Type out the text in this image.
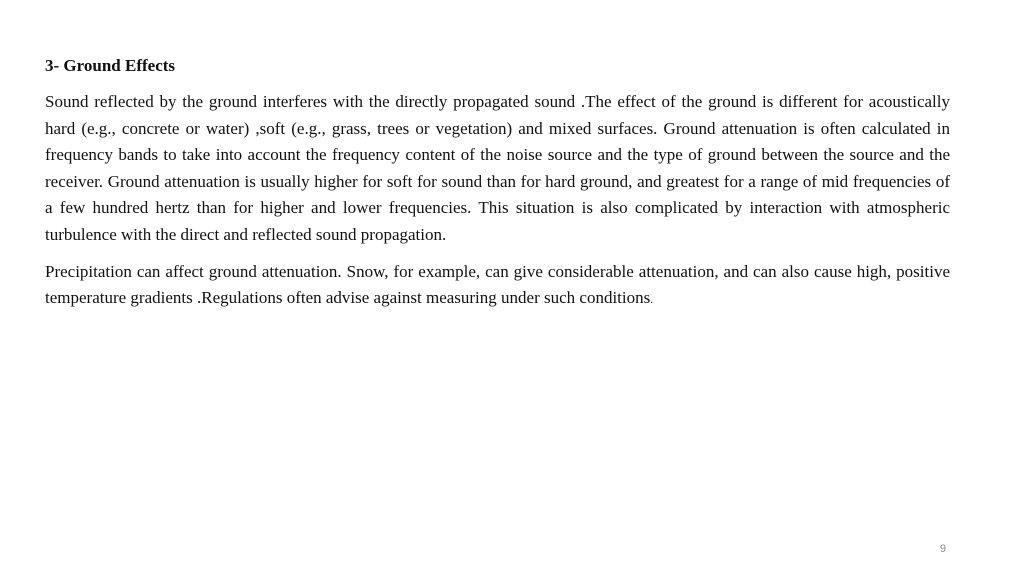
3- Ground Effects

Sound reflected by the ground interferes with the directly propagated sound .The effect of the ground is different for acoustically hard (e.g., concrete or water) ,soft (e.g., grass, trees or vegetation) and mixed surfaces. Ground attenuation is often calculated in frequency bands to take into account the frequency content of the noise source and the type of ground between the source and the receiver. Ground attenuation is usually higher for soft for sound than for hard ground, and greatest for a range of mid frequencies of a few hundred hertz than for higher and lower frequencies. This situation is also complicated by interaction with atmospheric turbulence with the direct and reflected sound propagation.

Precipitation can affect ground attenuation. Snow, for example, can give considerable attenuation, and can also cause high, positive temperature gradients .Regulations often advise against measuring under such conditions.

9
